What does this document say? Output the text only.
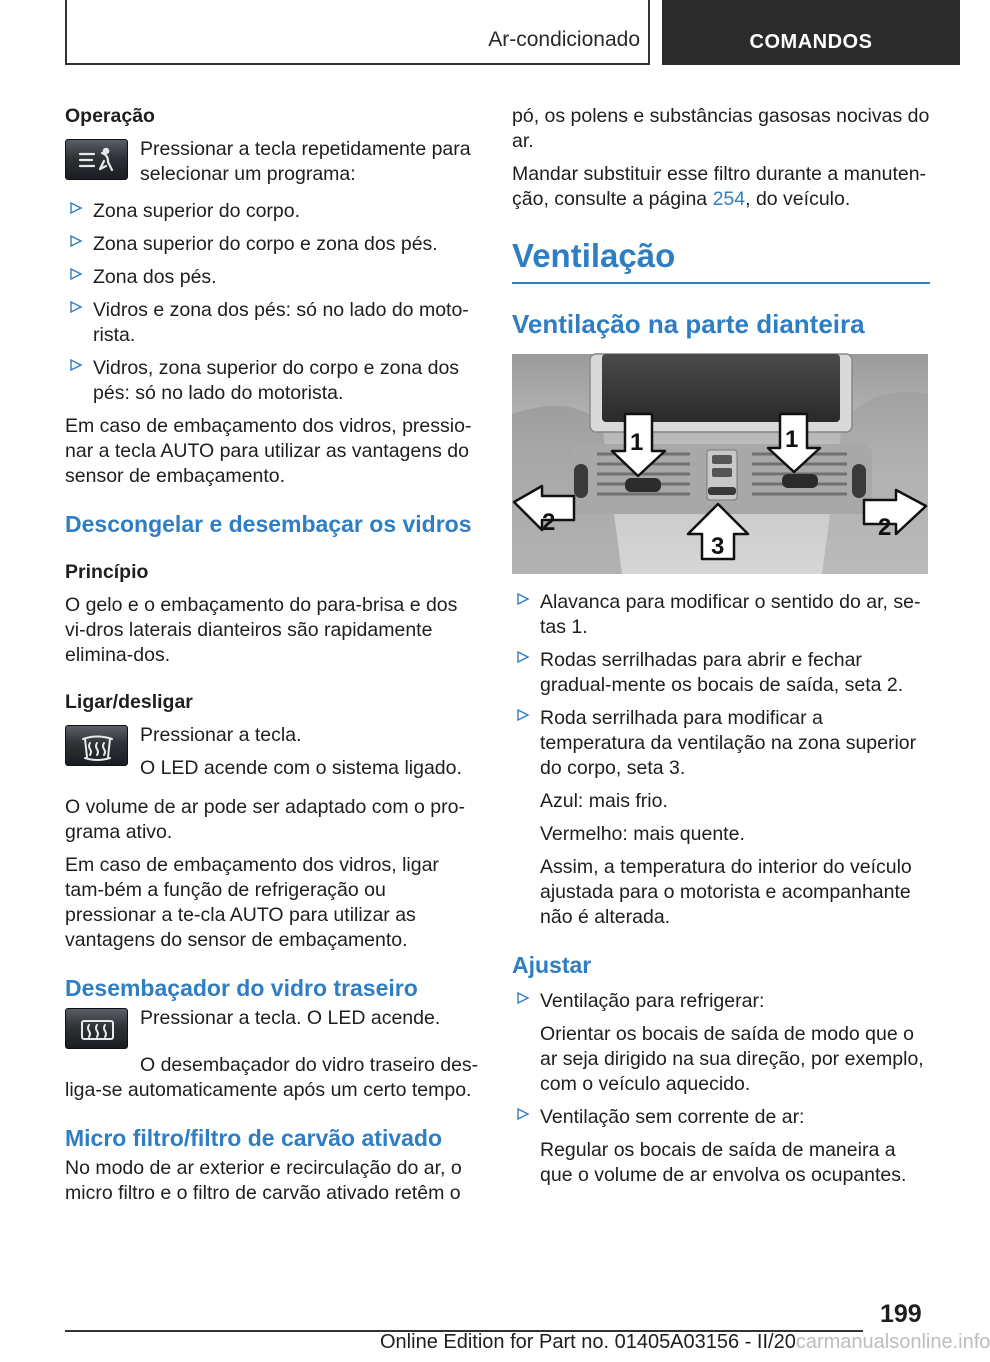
Ar-condicionado	COMANDOS
Operação

Pressionar a tecla repetidamente para selecionar um programa:

Zona superior do corpo.
Zona superior do corpo e zona dos pés.
Zona dos pés.
Vidros e zona dos pés: só no lado do moto‐rista.
Vidros, zona superior do corpo e zona dos pés: só no lado do motorista.

Em caso de embaçamento dos vidros, pressio‐nar a tecla AUTO para utilizar as vantagens do sensor de embaçamento.

Descongelar e desembaçar os vidros
Princípio

O gelo e o embaçamento do para-brisa e dos vi‐dros laterais dianteiros são rapidamente elimina‐dos.

Ligar/desligar

Pressionar a tecla.

O LED acende com o sistema ligado.

O volume de ar pode ser adaptado com o pro‐grama ativo.

Em caso de embaçamento dos vidros, ligar tam‐bém a função de refrigeração ou pressionar a te‐cla AUTO para utilizar as vantagens do sensor de embaçamento.

Desembaçador do vidro traseiro

Pressionar a tecla. O LED acende.

O desembaçador do vidro traseiro des‐liga-se automaticamente após um certo tempo.

Micro filtro/filtro de carvão ativado

No modo de ar exterior e recirculação do ar, o micro filtro e o filtro de carvão ativado retêm o

pó, os polens e substâncias gasosas nocivas do ar.

Mandar substituir esse filtro durante a manuten‐ção, consulte a página 254, do veículo.

Ventilação
Ventilação na parte dianteira
1	1
2
3
2
Alavanca para modificar o sentido do ar, se‐tas 1.
Rodas serrilhadas para abrir e fechar gradual‐mente os bocais de saída, seta 2.
Roda serrilhada para modificar a temperatura da ventilação na zona superior do corpo, seta 3.

Azul: mais frio.

Vermelho: mais quente.

Assim, a temperatura do interior do veículo ajustada para o motorista e acompanhante não é alterada.

Ajustar
Ventilação para refrigerar:

Orientar os bocais de saída de modo que o ar seja dirigido na sua direção, por exemplo, com o veículo aquecido.

Ventilação sem corrente de ar:

Regular os bocais de saída de maneira a que o volume de ar envolva os ocupantes.

199
Online Edition for Part no. 01405A03156 - II/20carmanualsonline.info
